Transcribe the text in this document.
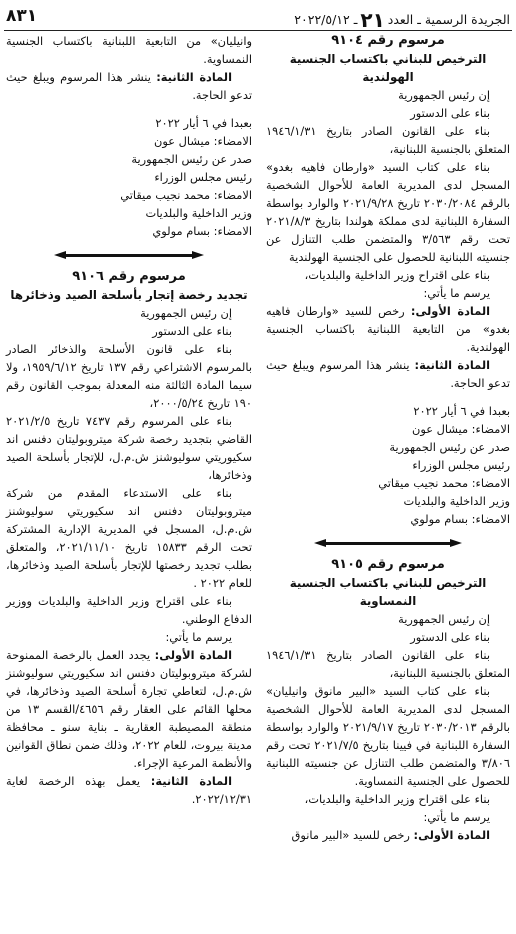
الجريدة الرسمية ـ العدد٢١ـ ٢٠٢٢/٥/١٢
٨٣١

مرسوم رقم ٩١٠٤

الترخيص للبناني باكتساب الجنسية الهولندية

إن رئيس الجمهورية

بناء على الدستور

بناء على القانون الصادر بتاريخ ١٩٤٦/١/٣١ المتعلق بالجنسية اللبنانية،

بناء على كتاب السيد «وارطان فاهيه بغدو» المسجل لدى المديرية العامة للأحوال الشخصية بالرقم ٢٠٣٠/٢٠٨٤ تاريخ ٢٠٢١/٩/٢٨ والوارد بواسطة السفارة اللبنانية لدى مملكة هولندا بتاريخ ٢٠٢١/٨/٣ تحت رقم ٣/٥٦٣ والمتضمن طلب التنازل عن جنسيته اللبنانية للحصول على الجنسية الهولندية

بناء على اقتراح وزير الداخلية والبلديات،

يرسم ما يأتي:

المادة الأولى: رخص للسيد «وارطان فاهيه بغدو» من التابعية اللبنانية باكتساب الجنسية الهولندية.

المادة الثانية: ينشر هذا المرسوم ويبلغ حيث تدعو الحاجة.

بعبدا في ٦ أيار ٢٠٢٢

الامضاء: ميشال عون

صدر عن رئيس الجمهورية

رئيس مجلس الوزراء

الامضاء: محمد نجيب ميقاتي

وزير الداخلية والبلديات

الامضاء: بسام مولوي

مرسوم رقم ٩١٠٥

الترخيص للبناني باكتساب الجنسية النمساوية

إن رئيس الجمهورية

بناء على الدستور

بناء على القانون الصادر بتاريخ ١٩٤٦/١/٣١ المتعلق بالجنسية اللبنانية،

بناء على كتاب السيد «البير مانوق وانيليان» المسجل لدى المديرية العامة للأحوال الشخصية بالرقم ٢٠٣٠/٢٠١٣ تاريخ ٢٠٢١/٩/١٧ والوارد بواسطة السفارة اللبنانية في فيينا بتاريخ ٢٠٢١/٧/٥ تحت رقم ٣/٨٠٦ والمتضمن طلب التنازل عن جنسيته اللبنانية للحصول على الجنسية النمساوية.

بناء على اقتراح وزير الداخلية والبلديات،

يرسم ما يأتي:

المادة الأولى: رخص للسيد «البير مانوق

وانيليان» من التابعية اللبنانية باكتساب الجنسية النمساوية.

المادة الثانية: ينشر هذا المرسوم ويبلغ حيث تدعو الحاجة.

بعبدا في ٦ أيار ٢٠٢٢

الامضاء: ميشال عون

صدر عن رئيس الجمهورية

رئيس مجلس الوزراء

الامضاء: محمد نجيب ميقاتي

وزير الداخلية والبلديات

الامضاء: بسام مولوي

مرسوم رقم ٩١٠٦

تجديد رخصة إتجار بأسلحة الصيد وذخائرها

إن رئيس الجمهورية

بناء على الدستور

بناء على قانون الأسلحة والذخائر الصادر بالمرسوم الاشتراعي رقم ١٣٧ تاريخ ١٩٥٩/٦/١٢، ولا سيما المادة الثالثة منه المعدلة بموجب القانون رقم ١٩٠ تاريخ ٢٠٠٠/٥/٢٤،

بناء على المرسوم رقم ٧٤٣٧ تاريخ ٢٠٢١/٢/٥ القاضي بتجديد رخصة شركة ميتروبوليتان دفنس اند سكيوريتي سوليوشنز ش.م.ل، للإتجار بأسلحة الصيد وذخائرها،

بناء على الاستدعاء المقدم من شركة ميتروبوليتان دفنس اند سكيوريتي سوليوشنز ش.م.ل، المسجل في المديرية الإدارية المشتركة تحت الرقم ١٥٨٣٣ تاريخ ٢٠٢١/١١/١٠، والمتعلق بطلب تجديد رخصتها للإتجار بأسلحة الصيد وذخائرها، للعام ٢٠٢٢ .

بناء على اقتراح وزير الداخلية والبلديات ووزير الدفاع الوطني.

يرسم ما يأتي:

المادة الأولى: يجدد العمل بالرخصة الممنوحة لشركة ميتروبوليتان دفنس اند سكيوريتي سوليوشنز ش.م.ل، لتعاطي تجارة أسلحة الصيد وذخائرها، في محلها القائم على العقار رقم ٤٦٥٦/القسم ١٣ من منطقة المصيطبة العقارية ـ بناية سنو ـ محافظة مدينة بيروت، للعام ٢٠٢٢، وذلك ضمن نطاق القوانين والأنظمة المرعية الإجراء.

المادة الثانية: يعمل بهذه الرخصة لغاية ٢٠٢٢/١٢/٣١.
